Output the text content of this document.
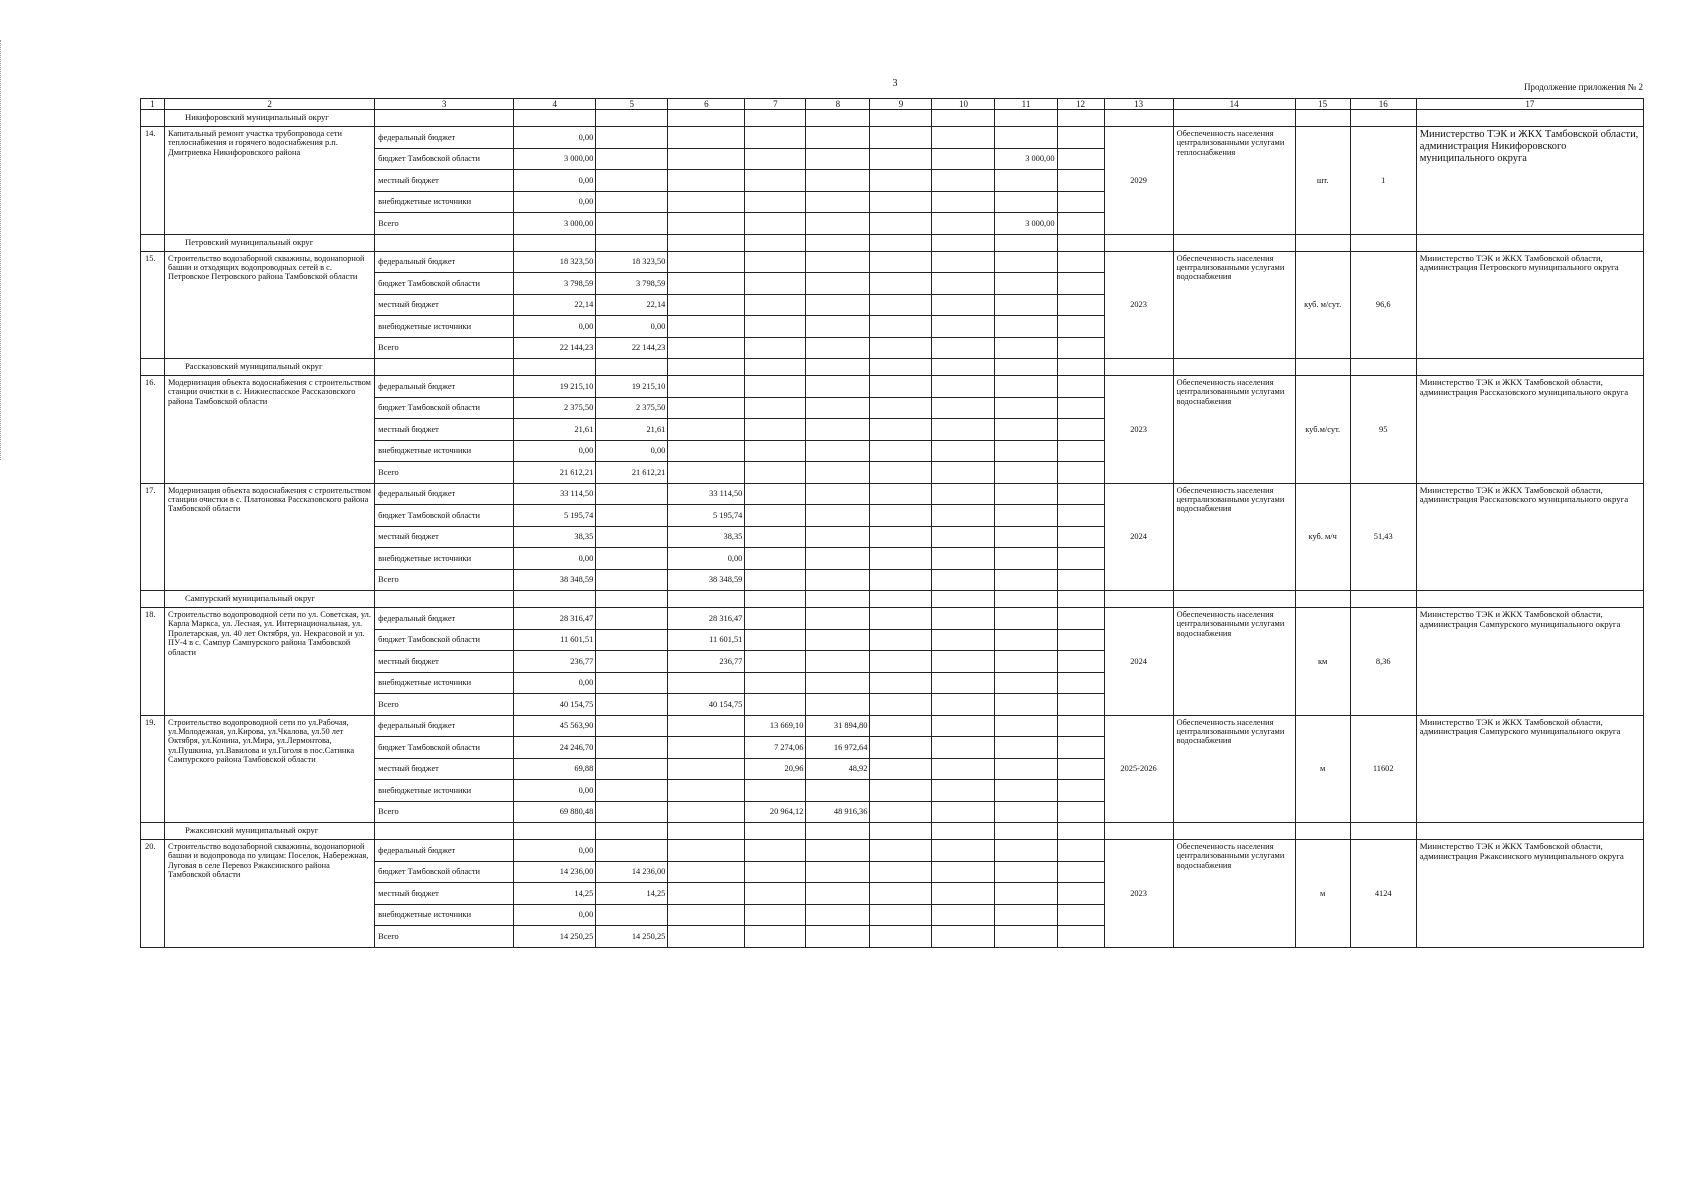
3	Продолжение приложения № 2
1	2	3	4	5	6	7	8	9	10	11	12	13	14	15	16	17
	Никифоровский муниципальный округ															
14.	Капитальный ремонт участка трубопровода сети теплоснабжения и горячего водоснабжения р.п. Дмитриевка Никифоровского района	федеральный бюджет	0,00									2029	Обеспеченность населения централизованными услугами теплоснабжения	шт.	1	Министерство ТЭК и ЖКХ Тамбовской области, администрация Никифоровского муниципального округа
		бюджет Тамбовской области	3 000,00							3 000,00						
		местный бюджет	0,00													
		внебюджетные источники	0,00													
		Всего	3 000,00							3 000,00						
	Петровский муниципальный округ															
15.	Строительство водозаборной скважины, водонапорной башни и отходящих водопроводных сетей в с. Петровское Петровского района Тамбовской области	федеральный бюджет	18 323,50	18 323,50								2023	Обеспеченность населения централизованными услугами водоснабжения	куб. м/сут.	96,6	Министерство ТЭК и ЖКХ Тамбовской области, администрация Петровского муниципального округа
		бюджет Тамбовской области	3 798,59	3 798,59												
		местный бюджет	22,14	22,14												
		внебюджетные источники	0,00	0,00												
		Всего	22 144,23	22 144,23												
	Рассказовский муниципальный округ															
16.	Модернизация объекта водоснабжения с строительством станции очистки в с. Нижнеспасское Рассказовского района Тамбовской области	федеральный бюджет	19 215,10	19 215,10								2023	Обеспеченность населения централизованными услугами водоснабжения	куб.м/сут.	95	Министерство ТЭК и ЖКХ Тамбовской области, администрация Рассказовского муниципального округа
		бюджет Тамбовской области	2 375,50	2 375,50												
		местный бюджет	21,61	21,61												
		внебюджетные источники	0,00	0,00												
		Всего	21 612,21	21 612,21												
17.	Модернизация объекта водоснабжения с строительством станции очистки в с. Платоновка Рассказовского района Тамбовской области	федеральный бюджет	33 114,50		33 114,50							2024	Обеспеченность населения централизованными услугами водоснабжения	куб. м/ч	51,43	Министерство ТЭК и ЖКХ Тамбовской области, администрация Рассказовского муниципального округа
		бюджет Тамбовской области	5 195,74		5 195,74											
		местный бюджет	38,35		38,35											
		внебюджетные источники	0,00		0,00											
		Всего	38 348,59		38 348,59											
	Сампурский муниципальный округ															
18.	Строительство водопроводной сети по ул. Советская, ул. Карла Маркса, ул. Лесная, ул. Интернациональная, ул. Пролетарская, ул. 40 лет Октября, ул. Некрасовой и ул. ПУ-4 в с. Сампур Сампурского района Тамбовской области	федеральный бюджет	28 316,47		28 316,47							2024	Обеспеченность населения централизованными услугами водоснабжения	км	8,36	Министерство ТЭК и ЖКХ Тамбовской области, администрация Сампурского муниципального округа
		бюджет Тамбовской области	11 601,51		11 601,51											
		местный бюджет	236,77		236,77											
		внебюджетные источники	0,00													
		Всего	40 154,75		40 154,75											
19.	Строительство водопроводной сети по ул.Рабочая, ул.Молодежная, ул.Кирова, ул.Чкалова, ул.50 лет Октября, ул.Конина, ул.Мира, ул.Лермонтова, ул.Пушкина, ул.Вавилова и ул.Гоголя в пос.Сатинка Сампурского района Тамбовской области	федеральный бюджет	45 563,90			13 669,10	31 894,80					2025-2026	Обеспеченность населения централизованными услугами водоснабжения	м	11602	Министерство ТЭК и ЖКХ Тамбовской области, администрация Сампурского муниципального округа
		бюджет Тамбовской области	24 246,70			7 274,06	16 972,64									
		местный бюджет	69,88			20,96	48,92									
		внебюджетные источники	0,00													
		Всего	69 880,48			20 964,12	48 916,36									
	Ржаксинский муниципальный округ															
20.	Строительство водозаборной скважины, водонапорной башни и водопровода по улицам: Поселок, Набережная, Луговая в селе Перевоз Ржаксинского района Тамбовской области	федеральный бюджет	0,00									2023	Обеспеченность населения централизованными услугами водоснабжения	м	4124	Министерство ТЭК и ЖКХ Тамбовской области, администрация Ржаксинского муниципального округа
		бюджет Тамбовской области	14 236,00	14 236,00												
		местный бюджет	14,25	14,25												
		внебюджетные источники	0,00													
		Всего	14 250,25	14 250,25												
